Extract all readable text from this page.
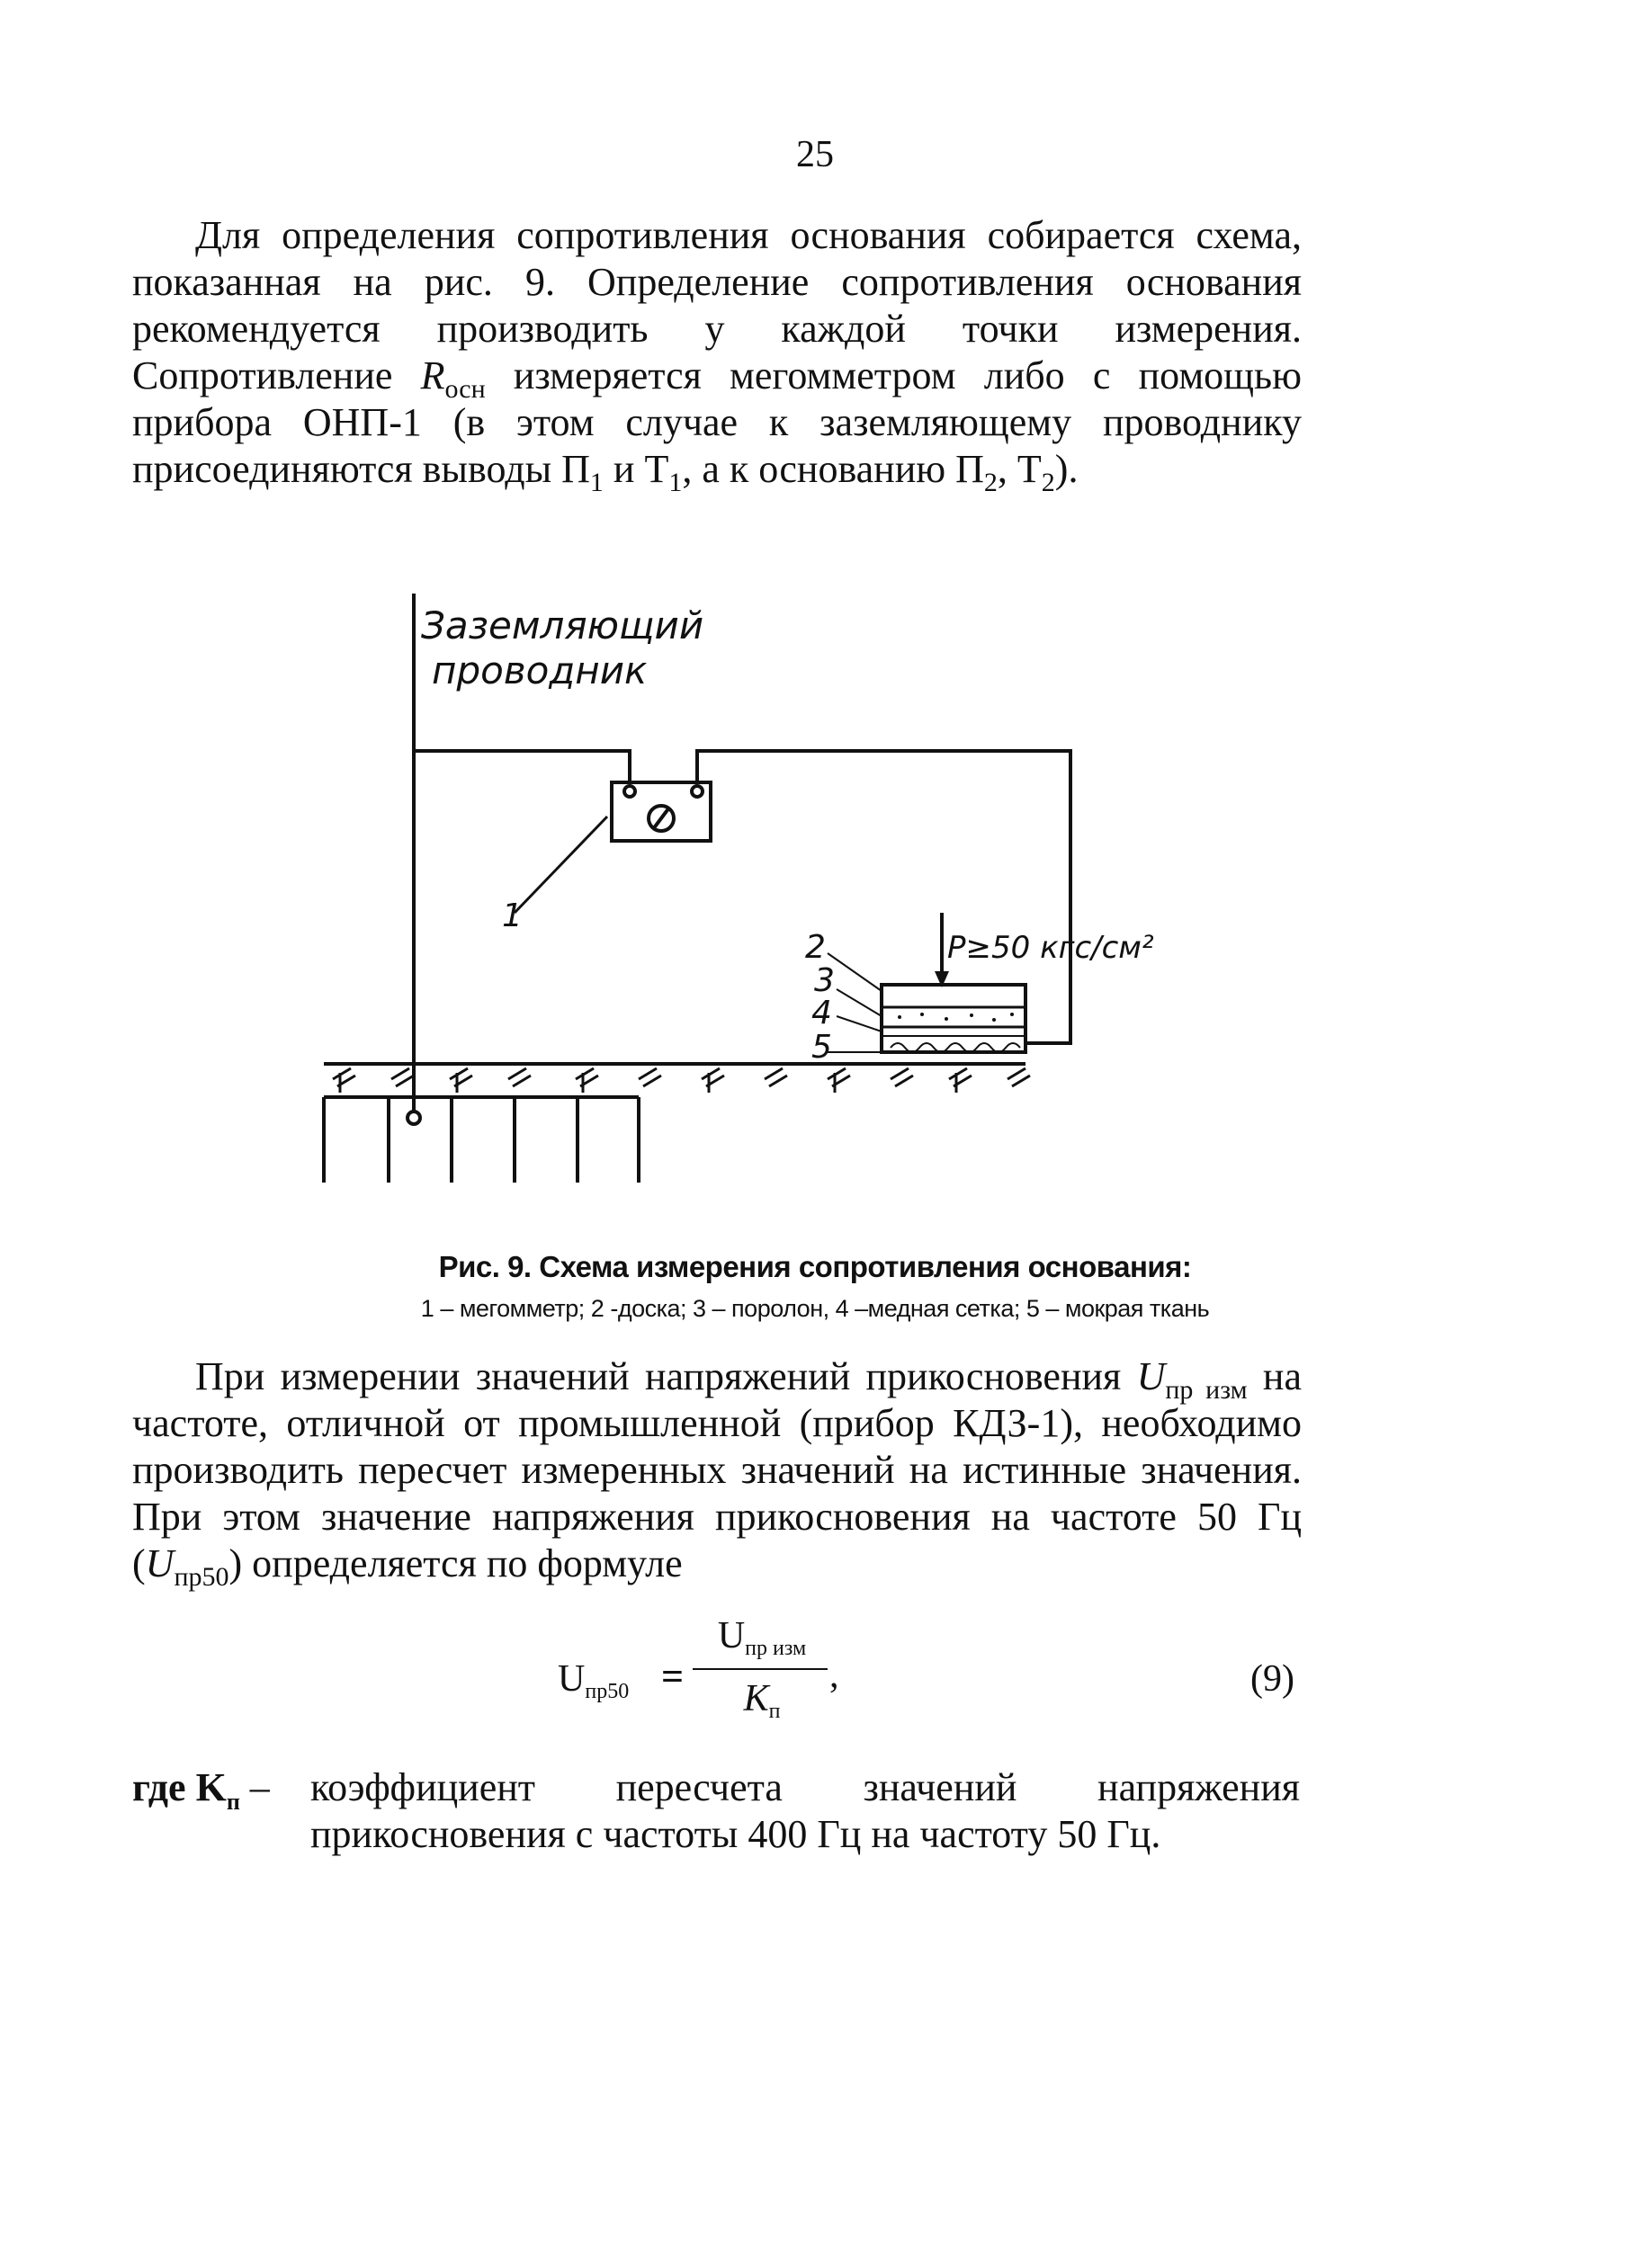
25
Для определения сопротивления основания собирается схема, показанная на рис. 9. Определение сопротивления основания рекомендуется производить у каждой точки измерения. Сопротивление $R_{осн}$ измеряется мегомметром либо с помощью прибора ОНП-1 (в этом случае к заземляющему проводнику присоединяются выводы $П_1$ и $Т_1$, а к основанию $П_2$, $Т_2$).
Заземляющий
проводник
1
2
3
4
5
P≥50 кгс/см²
Рис. 9. Схема измерения сопротивления основания:
1 – мегомметр; 2 -доска; 3 – поролон, 4 –медная сетка; 5 – мокрая ткань
При измерении значений напряжений прикосновения $U_{пр изм}$ на частоте, отличной от промышленной (прибор КДЗ-1), необходимо производить пересчет измеренных значений на истинные значения. При этом значение напряжения прикосновения на частоте 50 Гц $(U_{пр50})$ определяется по формуле
$U_{пр50}$ =
$U_{пр изм}$
$K_п$
,	(9)
где $K_п$ – коэффициент пересчета значений напряжения прикосновения с частоты 400 Гц на частоту 50 Гц.
